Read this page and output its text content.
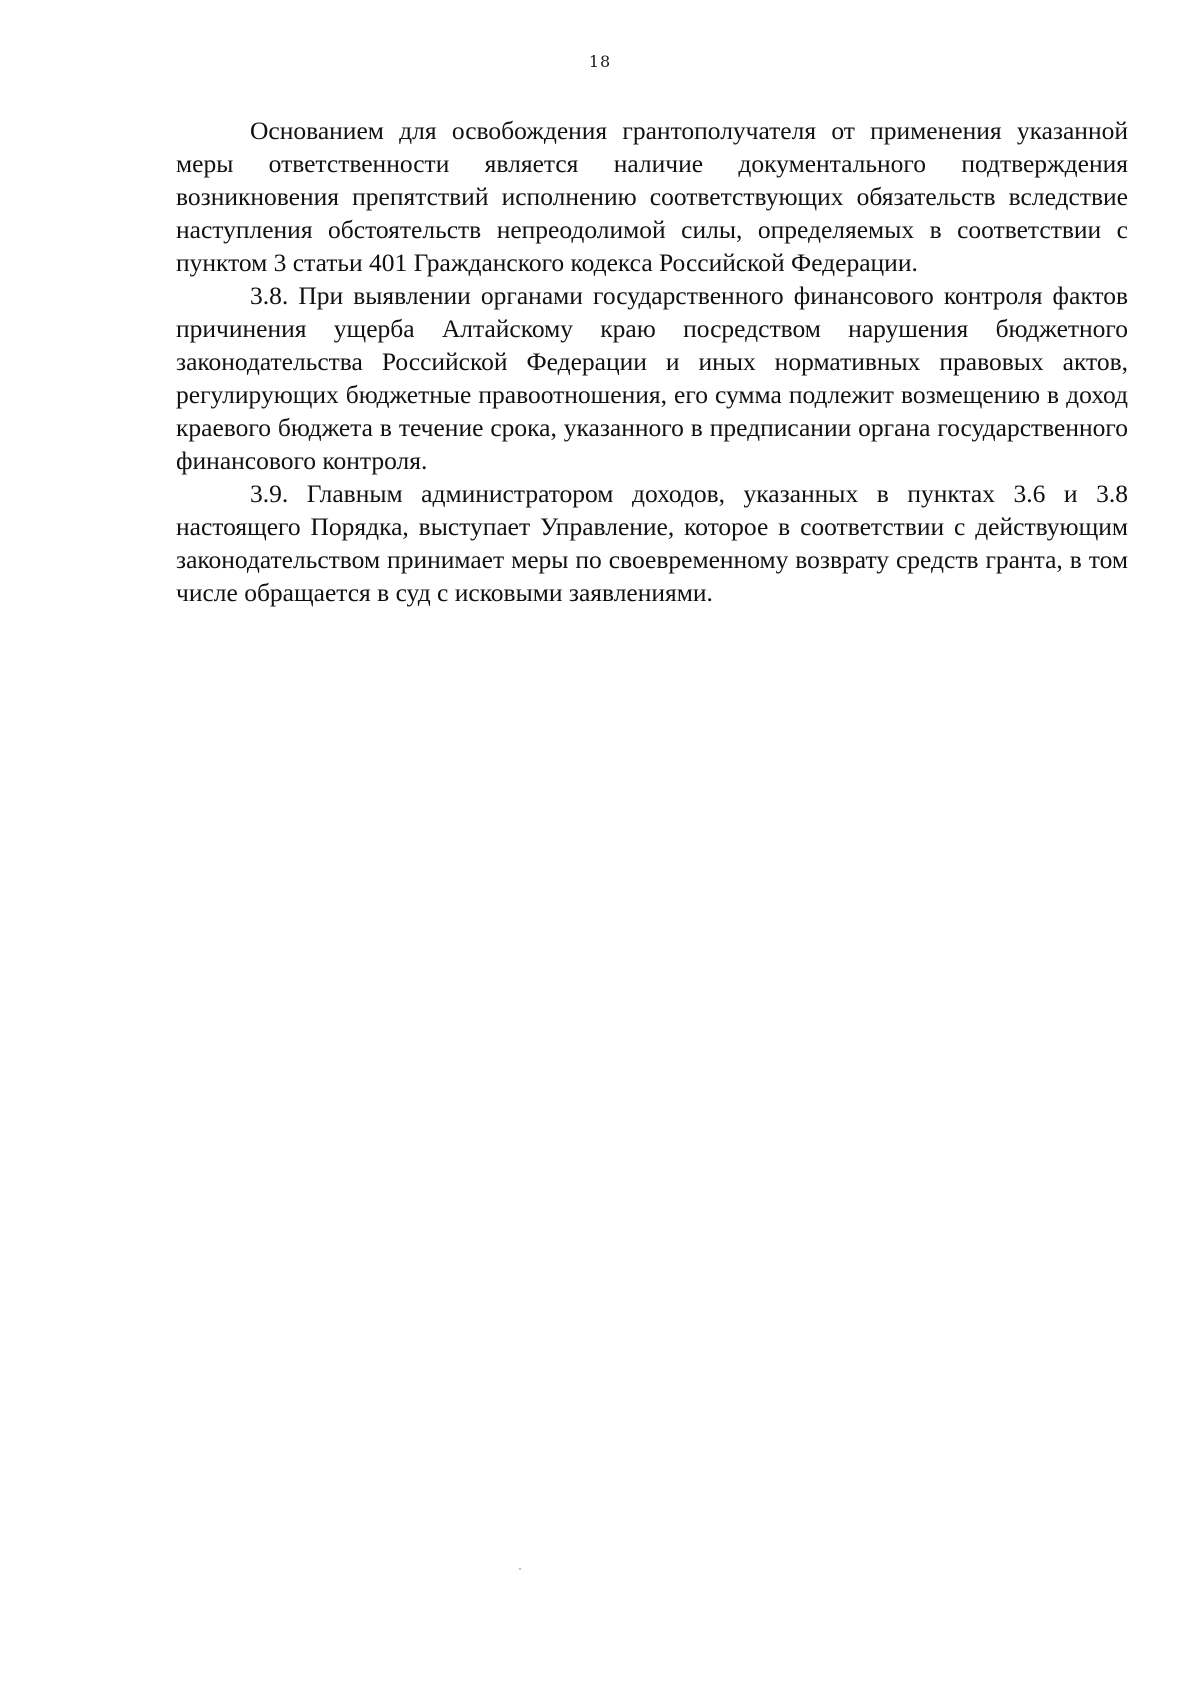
18

Основанием для освобождения грантополучателя от применения указанной меры ответственности является наличие документального подтверждения возникновения препятствий исполнению соответствующих обязательств вследствие наступления обстоятельств непреодолимой силы, определяемых в соответствии с пунктом 3 статьи 401 Гражданского кодекса Российской Федерации.

3.8. При выявлении органами государственного финансового контроля фактов причинения ущерба Алтайскому краю посредством нарушения бюджетного законодательства Российской Федерации и иных нормативных правовых актов, регулирующих бюджетные правоотношения, его сумма подлежит возмещению в доход краевого бюджета в течение срока, указанного в предписании органа государственного финансового контроля.

3.9. Главным администратором доходов, указанных в пунктах 3.6 и 3.8 настоящего Порядка, выступает Управление, которое в соответствии с действующим законодательством принимает меры по своевременному возврату средств гранта, в том числе обращается в суд с исковыми заявлениями.
